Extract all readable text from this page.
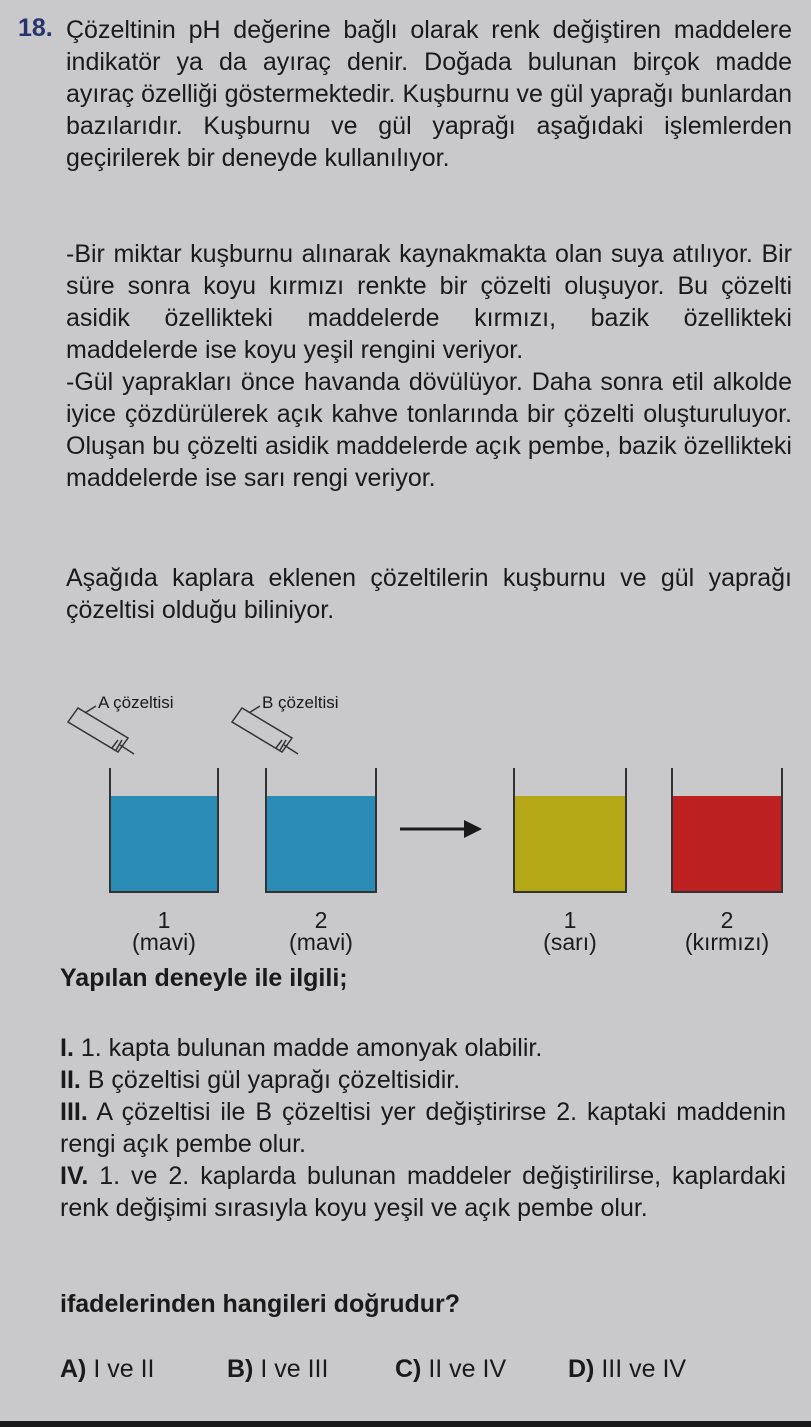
18. Çözeltinin pH değerine bağlı olarak renk değiştiren maddelere indikatör ya da ayıraç denir. Doğada bulunan birçok madde ayıraç özelliği göstermektedir. Kuşburnu ve gül yaprağı bunlardan bazılarıdır. Kuşburnu ve gül yaprağı aşağıdaki işlemlerden geçirilerek bir deneyde kullanılıyor.

-Bir miktar kuşburnu alınarak kaynakmakta olan suya atılıyor. Bir süre sonra koyu kırmızı renkte bir çözelti oluşuyor. Bu çözelti asidik özellikteki maddelerde kırmızı, bazik özellikteki maddelerde ise koyu yeşil rengini veriyor.

-Gül yaprakları önce havanda dövülüyor. Daha sonra etil alkolde iyice çözdürülerek açık kahve tonlarında bir çözelti oluşturuluyor. Oluşan bu çözelti asidik maddelerde açık pembe, bazik özellikteki maddelerde ise sarı rengi veriyor.

Aşağıda kaplara eklenen çözeltilerin kuşburnu ve gül yaprağı çözeltisi olduğu biliniyor.

A çözeltisi	B çözeltisi
1
(mavi)
2
(mavi)
1
(sarı)
2
(kırmızı)
Yapılan deneyle ile ilgili;

I. 1. kapta bulunan madde amonyak olabilir.

II. B çözeltisi gül yaprağı çözeltisidir.

III. A çözeltisi ile B çözeltisi yer değiştirirse 2. kaptaki maddenin rengi açık pembe olur.

IV. 1. ve 2. kaplarda bulunan maddeler değiştirilirse, kaplardaki renk değişimi sırasıyla koyu yeşil ve açık pembe olur.

ifadelerinden hangileri doğrudur?
A) I ve II	B) I ve III	C) II ve IV D) III ve IV
